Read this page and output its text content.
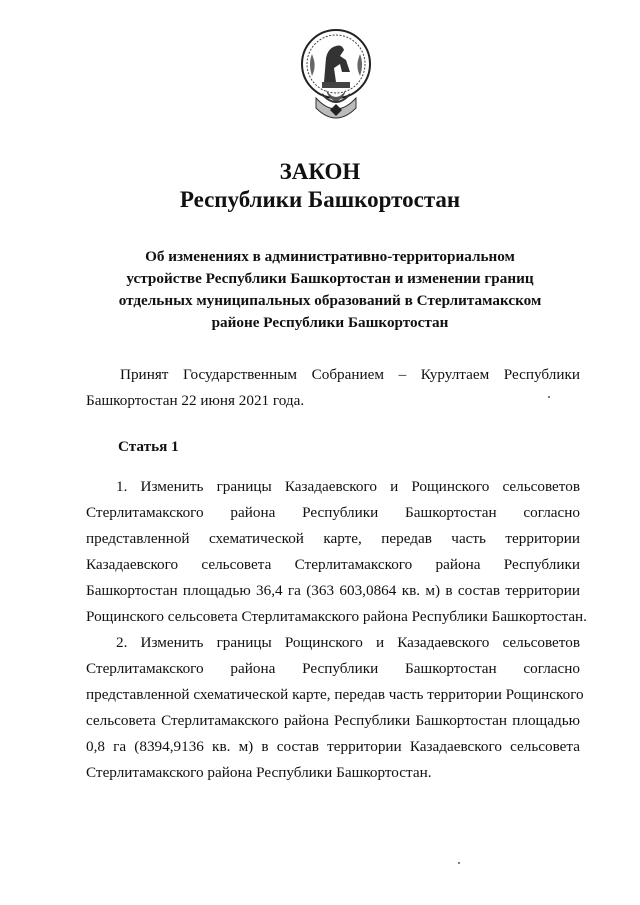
ЗАКОН
Республики Башкортостан
Об изменениях в административно-территориальном
устройстве Республики Башкортостан и изменении границ
отдельных муниципальных образований в Стерлитамакском
районе Республики Башкортостан
Принят Государственным Собранием – Курултаем Республики
Башкортостан 22 июня 2021 года.
Статья 1
1. Изменить границы Казадаевского и Рощинского сельсоветов
Стерлитамакского района Республики Башкортостан согласно
представленной схематической карте, передав часть территории
Казадаевского сельсовета Стерлитамакского района Республики
Башкортостан площадью 36,4 га (363 603,0864 кв. м) в состав территории
Рощинского сельсовета Стерлитамакского района Республики Башкортостан.
2. Изменить границы Рощинского и Казадаевского сельсоветов
Стерлитамакского района Республики Башкортостан согласно
представленной схематической карте, передав часть территории Рощинского
сельсовета Стерлитамакского района Республики Башкортостан площадью
0,8 га (8394,9136 кв. м) в состав территории Казадаевского сельсовета
Стерлитамакского района Республики Башкортостан.
